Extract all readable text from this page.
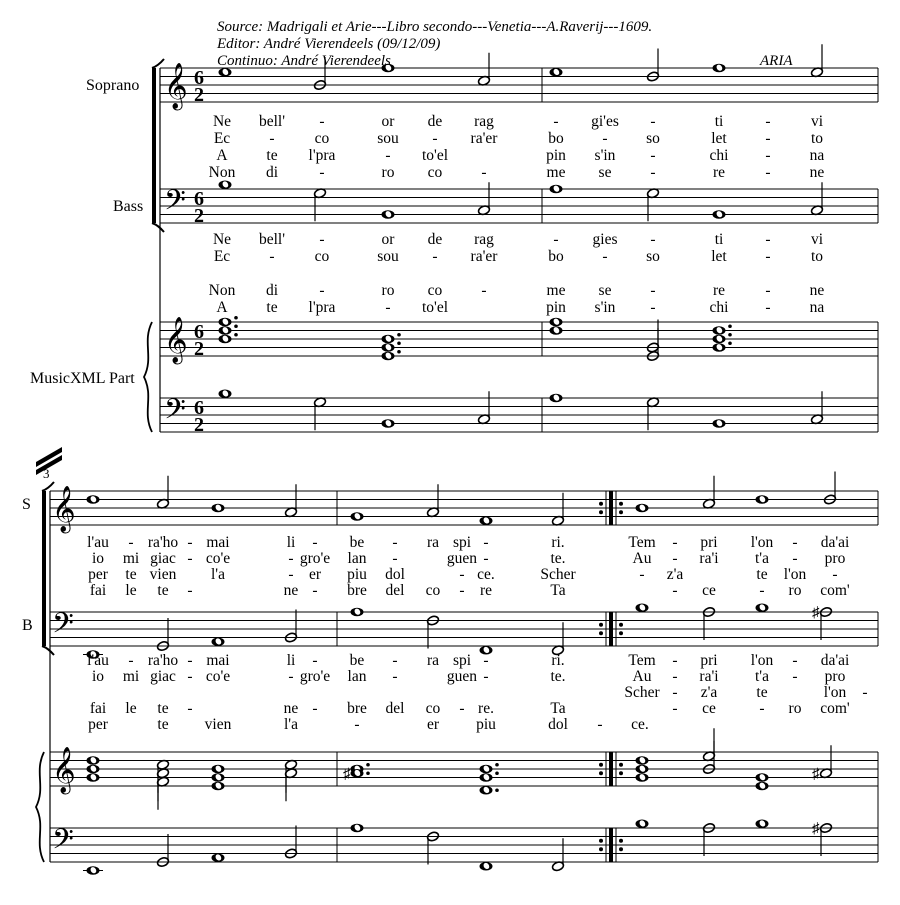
𝄞
𝄢
𝄞
𝄢
6
2
6
2
6
2
6
2
Ne bell' -	or de rag	- gi'es -	ti	-	vi
Ec	-	co	sou - ra'er	bo - so	let -	to
A	te l'pra	- to'el	pin s'in -	chi -	na
Non di	-	ro co	-	me se	-	re	-	ne
Ne bell' -	or de rag	- gies -	ti	-	vi
Ec	-	co	sou - ra'er	bo - so	let -	to
Non di	-	ro co	-	me se	-	re	-	ne
A	te l'pra	- to'el	pin s'in -	chi -	na
𝄞
𝄢
𝄞
𝄢
♯
♯	♯
♯
l'au - ra'ho - mai	li - be - ra spi -	ri.	Tem - pri l'on - da'ai
io mi giac - co'e	- gro'e lan -	guen -	te.	Au - ra'i t'a - pro
per te vien l'a	- er piu dol	- ce.	Scher	- z'a	te l'on -
fai le te -	ne - bre del co - re	Ta	- ce	- ro com'
l'au - ra'ho - mai	li - be - ra spi -	ri.	Tem - pri l'on - da'ai
io mi giac - co'e	- gro'e lan -	guen -	te.	Au - ra'i t'a - pro
Scher - z'a	te	l'on -
fai le te -	ne - bre del co - re.	Ta	- ce	- ro com'
per	te vien	l'a	-	er piu	dol - ce.
Source: Madrigali et Arie---Libro secondo---Venetia---A.Raverij---1609.
Editor: André Vierendeels (09/12/09)
Continuo: André Vierendeels	ARIA
Soprano
Bass
MusicXML Part
S
B
3
